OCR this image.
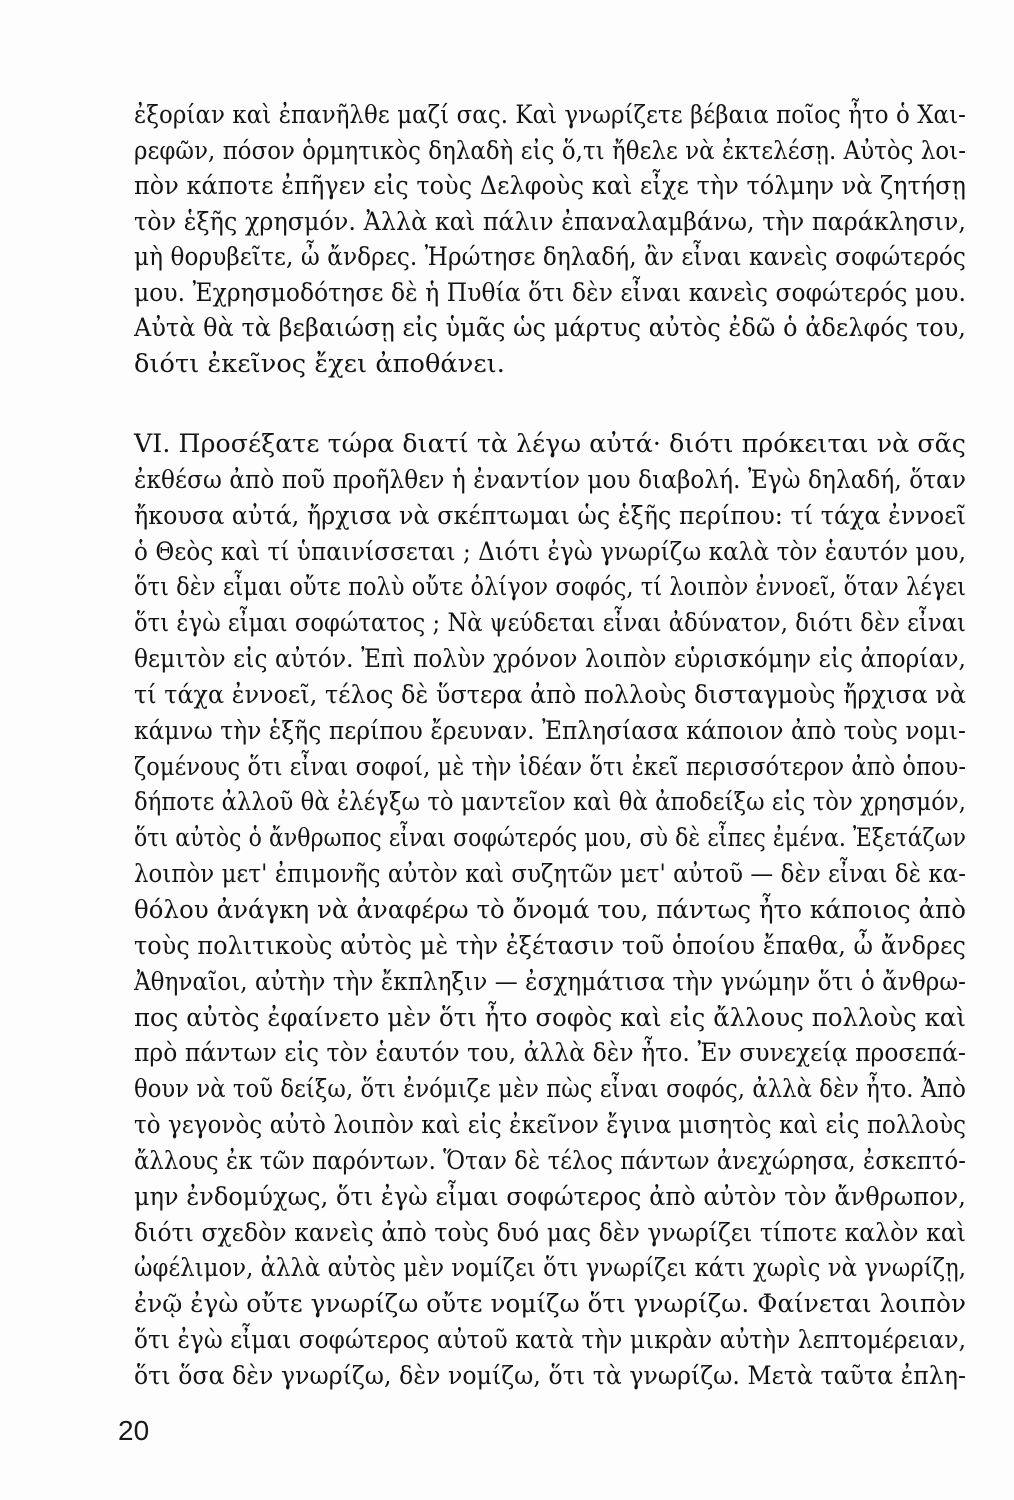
ἐξορίαν καὶ ἐπανῆλθε μαζί σας. Καὶ γνωρίζετε βέβαια ποῖος ἦτο ὁ Χαι-
ρεφῶν, πόσον ὁρμητικὸς δηλαδὴ εἰς ὅ,τι ἤθελε νὰ ἐκτελέσῃ. Αὐτὸς λοι-
πὸν κάποτε ἐπῆγεν εἰς τοὺς Δελφοὺς καὶ εἶχε τὴν τόλμην νὰ ζητήσῃ
τὸν ἑξῆς χρησμόν. Ἀλλὰ καὶ πάλιν ἐπαναλαμβάνω, τὴν παράκλησιν,
μὴ θορυβεῖτε, ὦ ἄνδρες. Ἠρώτησε δηλαδή, ἂν εἶναι κανεὶς σοφώτερός
μου. Ἐχρησμοδότησε δὲ ἡ Πυθία ὅτι δὲν εἶναι κανεὶς σοφώτερός μου.
Αὐτὰ θὰ τὰ βεβαιώσῃ εἰς ὑμᾶς ὡς μάρτυς αὐτὸς ἐδῶ ὁ ἀδελφός του,
διότι ἐκεῖνος ἔχει ἀποθάνει.
VI. Προσέξατε τώρα διατί τὰ λέγω αὐτά· διότι πρόκειται νὰ σᾶς
ἐκθέσω ἀπὸ ποῦ προῆλθεν ἡ ἐναντίον μου διαβολή. Ἐγὼ δηλαδή, ὅταν
ἤκουσα αὐτά, ἤρχισα νὰ σκέπτωμαι ὡς ἑξῆς περίπου: τί τάχα ἐννοεῖ
ὁ Θεὸς καὶ τί ὑπαινίσσεται ; Διότι ἐγὼ γνωρίζω καλὰ τὸν ἑαυτόν μου,
ὅτι δὲν εἶμαι οὔτε πολὺ οὔτε ὀλίγον σοφός, τί λοιπὸν ἐννοεῖ, ὅταν λέγει
ὅτι ἐγὼ εἶμαι σοφώτατος ; Νὰ ψεύδεται εἶναι ἀδύνατον, διότι δὲν εἶναι
θεμιτὸν εἰς αὐτόν. Ἐπὶ πολὺν χρόνον λοιπὸν εὑρισκόμην εἰς ἀπορίαν,
τί τάχα ἐννοεῖ, τέλος δὲ ὕστερα ἀπὸ πολλοὺς δισταγμοὺς ἤρχισα νὰ
κάμνω τὴν ἑξῆς περίπου ἔρευναν. Ἐπλησίασα κάποιον ἀπὸ τοὺς νομι-
ζομένους ὅτι εἶναι σοφοί, μὲ τὴν ἰδέαν ὅτι ἐκεῖ περισσότερον ἀπὸ ὁπου-
δήποτε ἀλλοῦ θὰ ἐλέγξω τὸ μαντεῖον καὶ θὰ ἀποδείξω εἰς τὸν χρησμόν,
ὅτι αὐτὸς ὁ ἄνθρωπος εἶναι σοφώτερός μου, σὺ δὲ εἶπες ἐμένα. Ἐξετάζων
λοιπὸν μετ' ἐπιμονῆς αὐτὸν καὶ συζητῶν μετ' αὐτοῦ — δὲν εἶναι δὲ κα-
θόλου ἀνάγκη νὰ ἀναφέρω τὸ ὄνομά του, πάντως ἦτο κάποιος ἀπὸ
τοὺς πολιτικοὺς αὐτὸς μὲ τὴν ἐξέτασιν τοῦ ὁποίου ἔπαθα, ὦ ἄνδρες
Ἀθηναῖοι, αὐτὴν τὴν ἔκπληξιν — ἐσχημάτισα τὴν γνώμην ὅτι ὁ ἄνθρω-
πος αὐτὸς ἐφαίνετο μὲν ὅτι ἦτο σοφὸς καὶ εἰς ἄλλους πολλοὺς καὶ
πρὸ πάντων εἰς τὸν ἑαυτόν του, ἀλλὰ δὲν ἦτο. Ἐν συνεχείᾳ προσεπά-
θουν νὰ τοῦ δείξω, ὅτι ἐνόμιζε μὲν πὼς εἶναι σοφός, ἀλλὰ δὲν ἦτο. Ἀπὸ
τὸ γεγονὸς αὐτὸ λοιπὸν καὶ εἰς ἐκεῖνον ἔγινα μισητὸς καὶ εἰς πολλοὺς
ἄλλους ἐκ τῶν παρόντων. Ὅταν δὲ τέλος πάντων ἀνεχώρησα, ἐσκεπτό-
μην ἐνδομύχως, ὅτι ἐγὼ εἶμαι σοφώτερος ἀπὸ αὐτὸν τὸν ἄνθρωπον,
διότι σχεδὸν κανεὶς ἀπὸ τοὺς δυό μας δὲν γνωρίζει τίποτε καλὸν καὶ
ὠφέλιμον, ἀλλὰ αὐτὸς μὲν νομίζει ὅτι γνωρίζει κάτι χωρὶς νὰ γνωρίζῃ,
ἐνῷ ἐγὼ οὔτε γνωρίζω οὔτε νομίζω ὅτι γνωρίζω. Φαίνεται λοιπὸν
ὅτι ἐγὼ εἶμαι σοφώτερος αὐτοῦ κατὰ τὴν μικρὰν αὐτὴν λεπτομέρειαν,
ὅτι ὅσα δὲν γνωρίζω, δὲν νομίζω, ὅτι τὰ γνωρίζω. Μετὰ ταῦτα ἐπλη-
20
